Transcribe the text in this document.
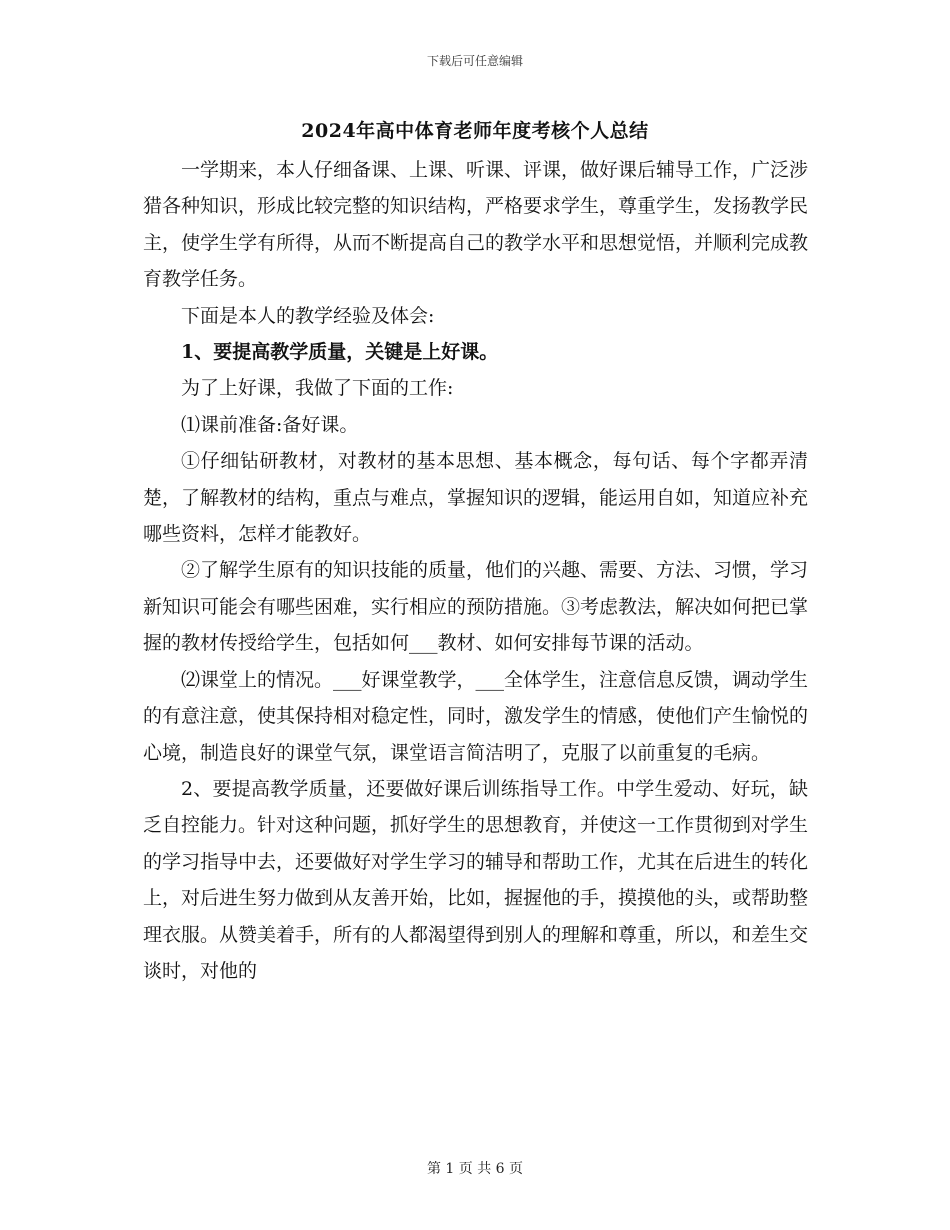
下载后可任意编辑
2024年高中体育老师年度考核个人总结

一学期来，本人仔细备课、上课、听课、评课，做好课后辅导工作，广泛涉猎各种知识，形成比较完整的知识结构，严格要求学生，尊重学生，发扬教学民主，使学生学有所得，从而不断提高自己的教学水平和思想觉悟，并顺利完成教育教学任务。

下面是本人的教学经验及体会:

1、要提高教学质量，关键是上好课。

为了上好课，我做了下面的工作:

⑴课前准备:备好课。

①仔细钻研教材，对教材的基本思想、基本概念，每句话、每个字都弄清楚，了解教材的结构，重点与难点，掌握知识的逻辑，能运用自如，知道应补充哪些资料，怎样才能教好。

②了解学生原有的知识技能的质量，他们的兴趣、需要、方法、习惯，学习新知识可能会有哪些困难，实行相应的预防措施。③考虑教法，解决如何把已掌握的教材传授给学生，包括如何___教材、如何安排每节课的活动。

⑵课堂上的情况。___好课堂教学，___全体学生，注意信息反馈，调动学生的有意注意，使其保持相对稳定性，同时，激发学生的情感，使他们产生愉悦的心境，制造良好的课堂气氛，课堂语言简洁明了，克服了以前重复的毛病。

2、要提高教学质量，还要做好课后训练指导工作。中学生爱动、好玩，缺乏自控能力。针对这种问题，抓好学生的思想教育，并使这一工作贯彻到对学生的学习指导中去，还要做好对学生学习的辅导和帮助工作，尤其在后进生的转化上，对后进生努力做到从友善开始，比如，握握他的手，摸摸他的头，或帮助整理衣服。从赞美着手，所有的人都渴望得到别人的理解和尊重，所以，和差生交谈时，对他的

第 1 页 共 6 页
